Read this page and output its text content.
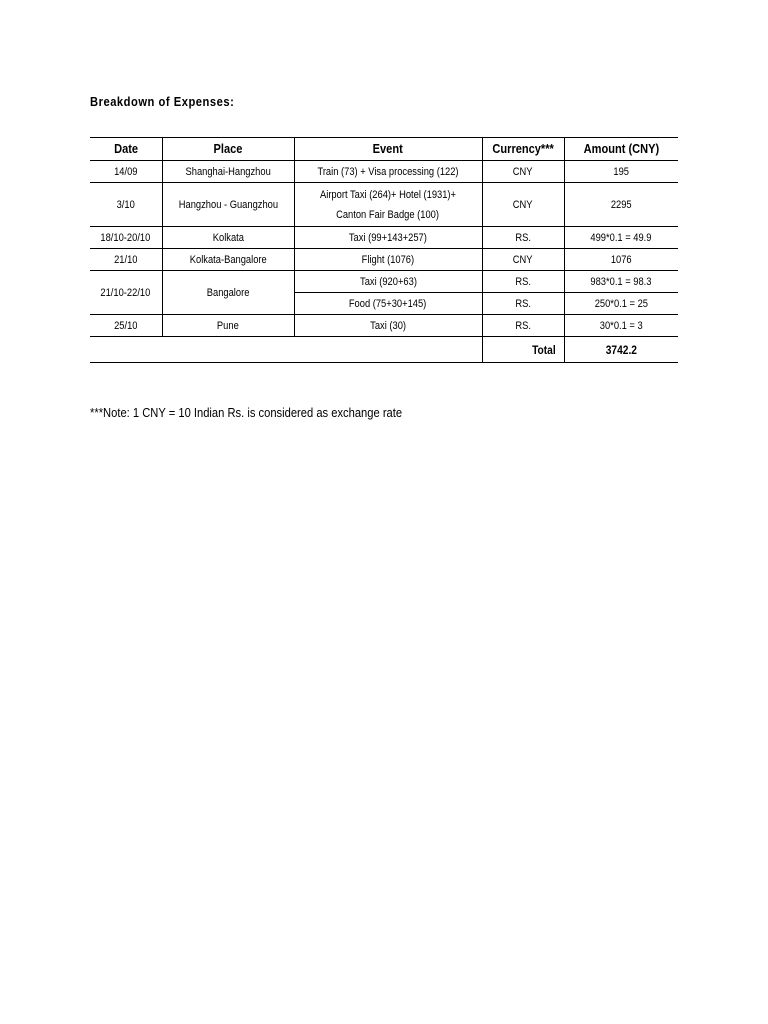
Breakdown of Expenses:
Date	Place	Event	Currency***	Amount (CNY)
14/09	Shanghai-Hangzhou	Train (73) + Visa processing (122)	CNY	195
3/10	Hangzhou - Guangzhou	Airport Taxi (264)+ Hotel (1931)+
Canton Fair Badge (100)	CNY	2295
18/10-20/10	Kolkata	Taxi (99+143+257)	RS.	499*0.1 = 49.9
21/10	Kolkata-Bangalore	Flight (1076)	CNY	1076
21/10-22/10	Bangalore	Taxi (920+63)	RS.	983*0.1 = 98.3
		Food (75+30+145)	RS.	250*0.1 = 25
25/10	Pune	Taxi (30)	RS.	30*0.1 = 3
			Total	3742.2
***Note: 1 CNY = 10 Indian Rs. is considered as exchange rate
